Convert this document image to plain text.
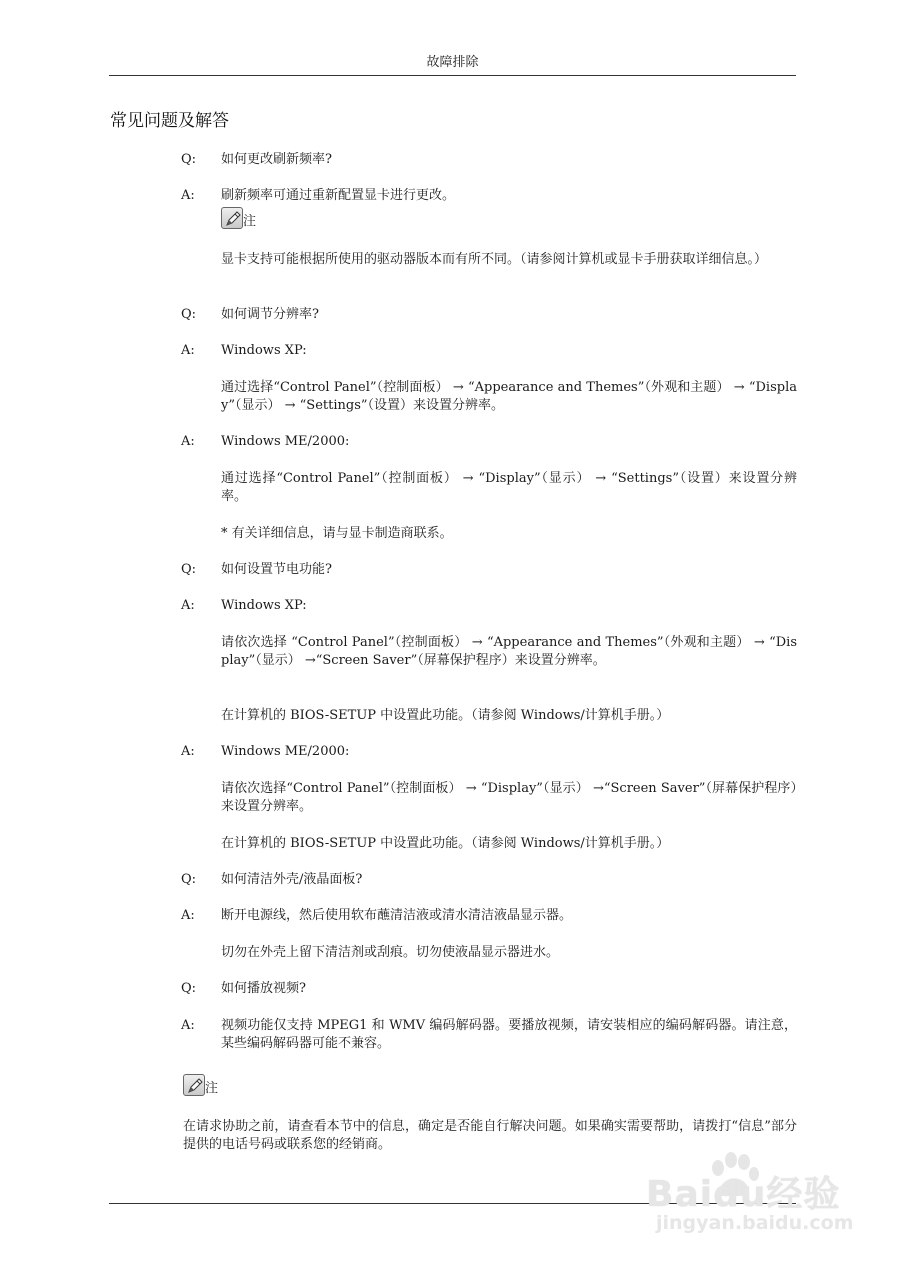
故障排除
常见问题及解答
Q:	如何更改刷新频率?
A:	刷新频率可通过重新配置显卡进行更改。
注
显卡支持可能根据所使用的驱动器版本而有所不同。（请参阅计算机或显卡手册获取详细信息。）
Q:	如何调节分辨率?
A:	Windows XP:
通过选择“Control Panel”（控制面板） → “Appearance and Themes”（外观和主题） → “Display”（显示） → “Settings”（设置）来设置分辨率。
A:	Windows ME/2000:
通过选择“Control Panel”（控制面板） → “Display”（显示） → “Settings”（设置）来设置分辨率。
* 有关详细信息，请与显卡制造商联系。
Q:	如何设置节电功能?
A:	Windows XP:
请依次选择 “Control Panel”（控制面板） → “Appearance and Themes”（外观和主题） → “Display”（显示） →“Screen Saver”（屏幕保护程序）来设置分辨率。
在计算机的 BIOS-SETUP 中设置此功能。（请参阅 Windows/计算机手册。）
A:	Windows ME/2000:
请依次选择“Control Panel”（控制面板） → “Display”（显示） →“Screen Saver”（屏幕保护程序）来设置分辨率。
在计算机的 BIOS-SETUP 中设置此功能。（请参阅 Windows/计算机手册。）
Q:	如何清洁外壳/液晶面板?
A:	断开电源线，然后使用软布蘸清洁液或清水清洁液晶显示器。
切勿在外壳上留下清洁剂或刮痕。切勿使液晶显示器进水。
Q:	如何播放视频?
A:	视频功能仅支持 MPEG1 和 WMV 编码解码器。要播放视频，请安装相应的编码解码器。请注意，某些编码解码器可能不兼容。
注
在请求协助之前，请查看本节中的信息，确定是否能自行解决问题。如果确实需要帮助，请拨打“信息”部分提供的电话号码或联系您的经销商。
Baidu经验
jingyan.baidu.com
